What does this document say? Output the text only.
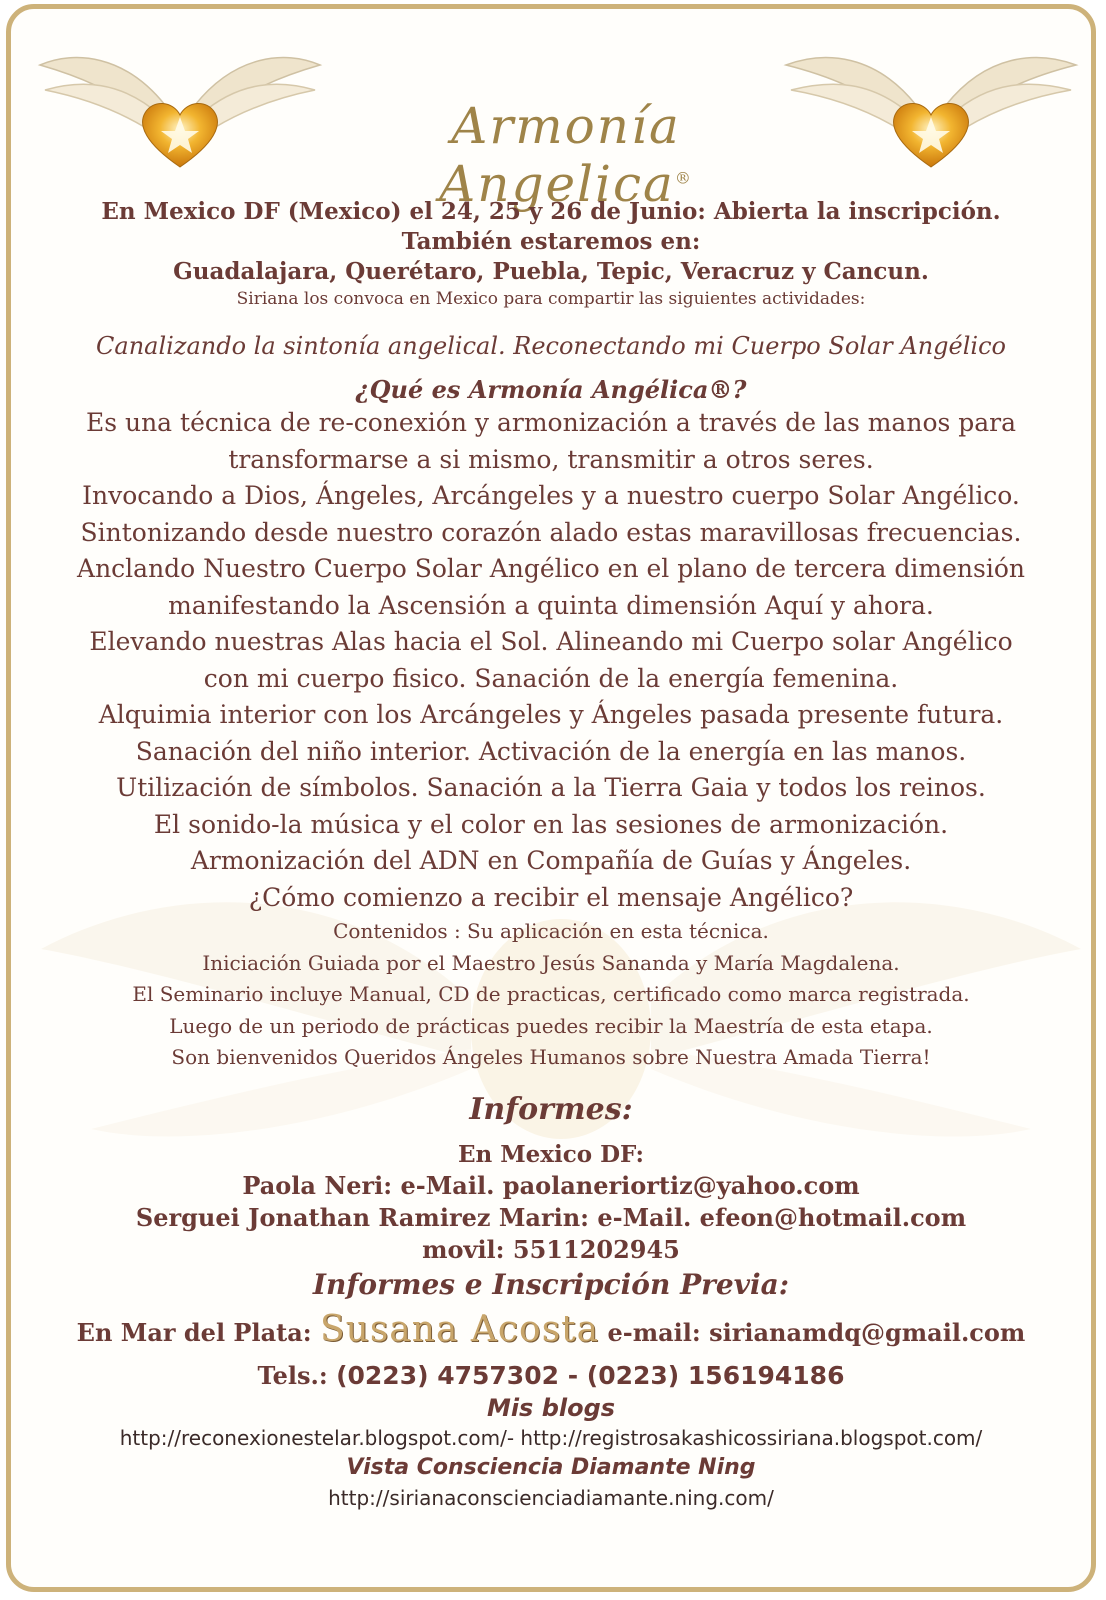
Armonía Angelica®

En Mexico DF (Mexico) el 24, 25 y 26 de Junio: Abierta la inscripción.

También estaremos en:

Guadalajara, Querétaro, Puebla, Tepic, Veracruz y Cancun.

Siriana los convoca en Mexico para compartir las siguientes actividades:

Canalizando la sintonía angelical. Reconectando mi Cuerpo Solar Angélico

¿Qué es Armonía Angélica®?

Es una técnica de re-conexión y armonización a través de las manos para

transformarse a si mismo, transmitir a otros seres.

Invocando a Dios, Ángeles, Arcángeles y a nuestro cuerpo Solar Angélico.

Sintonizando desde nuestro corazón alado estas maravillosas frecuencias.

Anclando Nuestro Cuerpo Solar Angélico en el plano de tercera dimensión

manifestando la Ascensión a quinta dimensión Aquí y ahora.

Elevando nuestras Alas hacia el Sol. Alineando mi Cuerpo solar Angélico

con mi cuerpo fisico. Sanación de la energía femenina.

Alquimia interior con los Arcángeles y Ángeles pasada presente futura.

Sanación del niño interior. Activación de la energía en las manos.

Utilización de símbolos. Sanación a la Tierra Gaia y todos los reinos.

El sonido-la música y el color en las sesiones de armonización.

Armonización del ADN en Compañía de Guías y Ángeles.

¿Cómo comienzo a recibir el mensaje Angélico?

Contenidos : Su aplicación en esta técnica.

Iniciación Guiada por el Maestro Jesús Sananda y María Magdalena.

El Seminario incluye Manual, CD de practicas, certificado como marca registrada.

Luego de un periodo de prácticas puedes recibir la Maestría de esta etapa.

Son bienvenidos Queridos Ángeles Humanos sobre Nuestra Amada Tierra!

Informes:

En Mexico DF:

Paola Neri: e-Mail. paolaneriortiz@yahoo.com

Serguei Jonathan Ramirez Marin: e-Mail. efeon@hotmail.com

movil: 5511202945

Informes e Inscripción Previa:

En Mar del Plata: Susana Acosta e-mail: sirianamdq@gmail.com

Tels.: (0223) 4757302 - (0223) 156194186

Mis blogs

http://reconexionestelar.blogspot.com/- http://registrosakashicossiriana.blogspot.com/

Vista Consciencia Diamante Ning

http://sirianaconscienciadiamante.ning.com/
